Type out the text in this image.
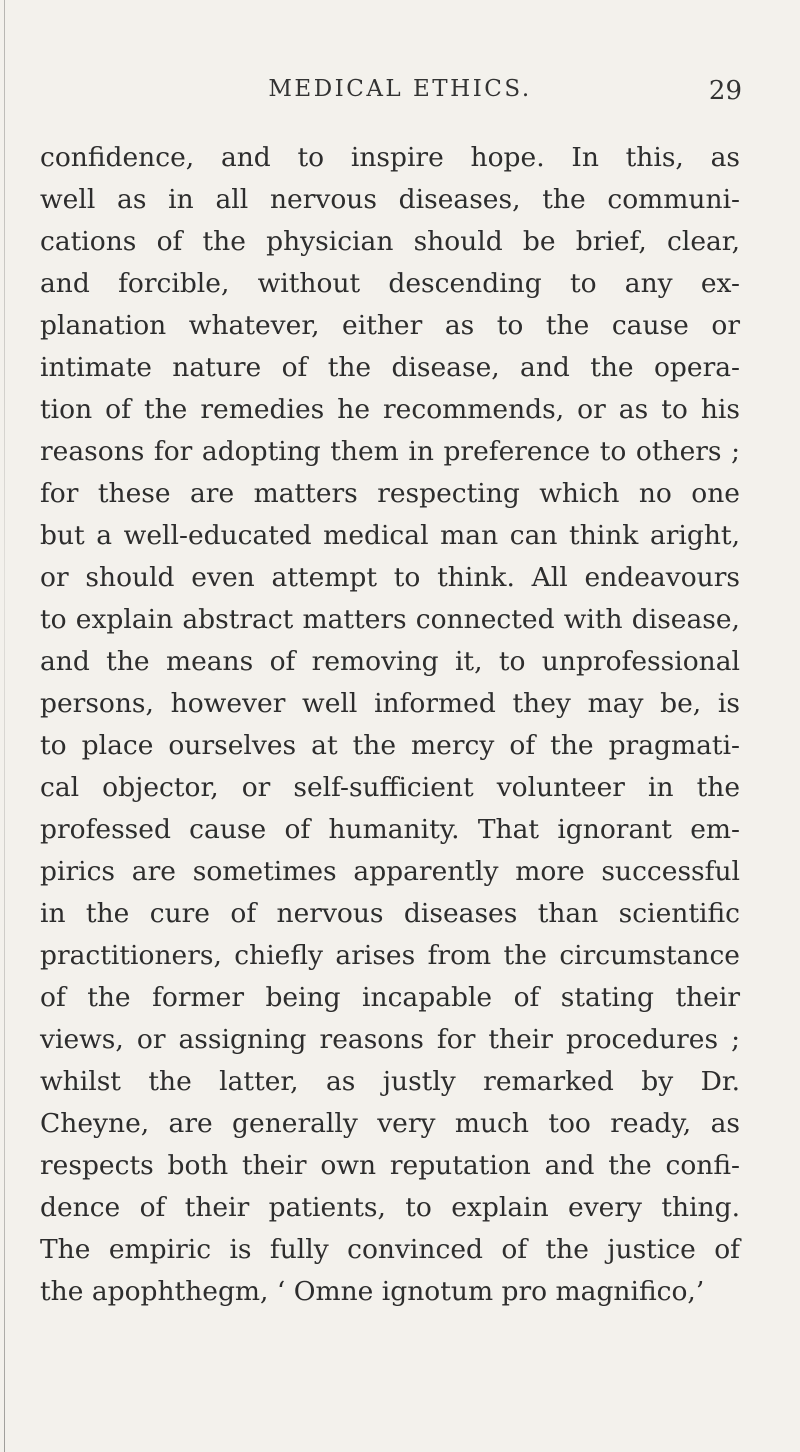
MEDICAL ETHICS.	29
confidence, and to inspire hope. In this, as
well as in all nervous diseases, the communi-
cations of the physician should be brief, clear,
and forcible, without descending to any ex-
planation whatever, either as to the cause or
intimate nature of the disease, and the opera-
tion of the remedies he recommends, or as to his
reasons for adopting them in preference to others ;
for these are matters respecting which no one
but a well-educated medical man can think aright,
or should even attempt to think. All endeavours
to explain abstract matters connected with disease,
and the means of removing it, to unprofessional
persons, however well informed they may be, is
to place ourselves at the mercy of the pragmati-
cal objector, or self-sufficient volunteer in the
professed cause of humanity. That ignorant em-
pirics are sometimes apparently more successful
in the cure of nervous diseases than scientific
practitioners, chiefly arises from the circumstance
of the former being incapable of stating their
views, or assigning reasons for their procedures ;
whilst the latter, as justly remarked by Dr.
Cheyne, are generally very much too ready, as
respects both their own reputation and the confi-
dence of their patients, to explain every thing.
The empiric is fully convinced of the justice of
the apophthegm, ‘ Omne ignotum pro magnifico,’
